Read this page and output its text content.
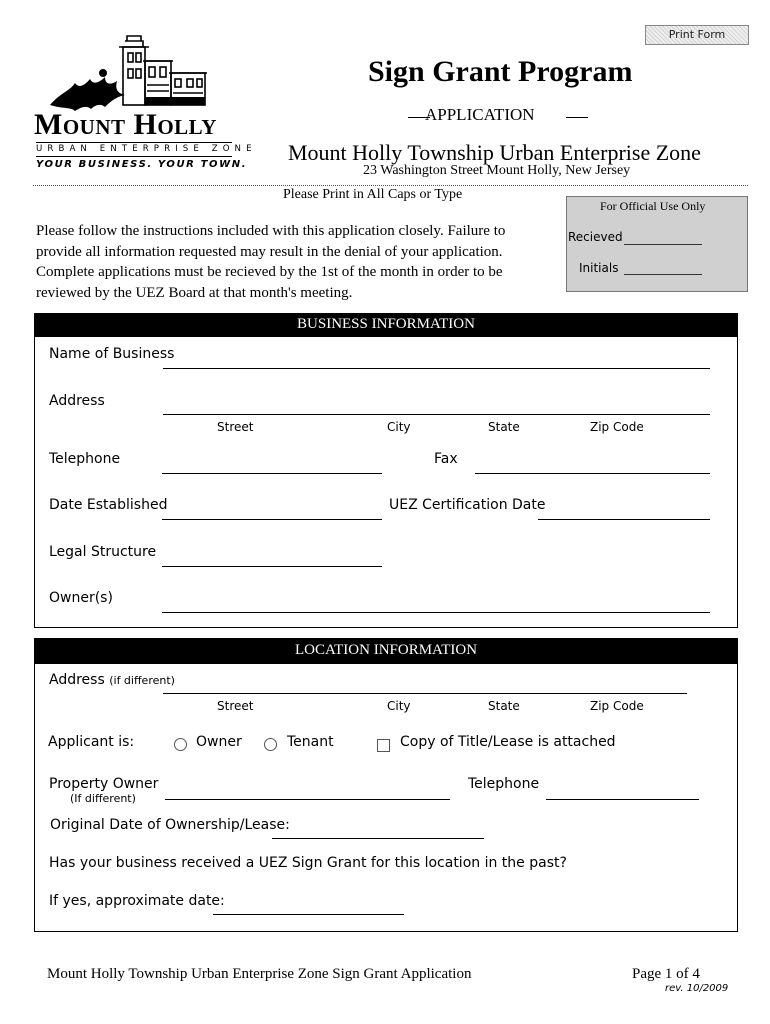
Print Form
Mount Holly
URBAN ENTERPRISE ZONE
YOUR BUSINESS. YOUR TOWN.
Sign Grant Program
APPLICATION
Mount Holly Township Urban Enterprise Zone
23 Washington Street Mount Holly, New Jersey
Please Print in All Caps or Type
For Official Use Only
Recieved
Initials
Please follow the instructions included with this application closely. Failure to provide all information requested may result in the denial of your application. Complete applications must be recieved by the 1st of the month in order to be reviewed by the UEZ Board at that month's meeting.
BUSINESS INFORMATION
Name of Business
Address
Street	City	State	Zip Code
Telephone	Fax
Date Established	UEZ Certification Date
Legal Structure
Owner(s)
LOCATION INFORMATION
Address (if different)
Street	City	State	Zip Code
Applicant is:	Owner	Tenant	Copy of Title/Lease is attached
Property Owner
(If different)
Telephone
Original Date of Ownership/Lease:
Has your business received a UEZ Sign Grant for this location in the past?
If yes, approximate date:
Mount Holly Township Urban Enterprise Zone Sign Grant Application	Page 1 of 4
rev. 10/2009
